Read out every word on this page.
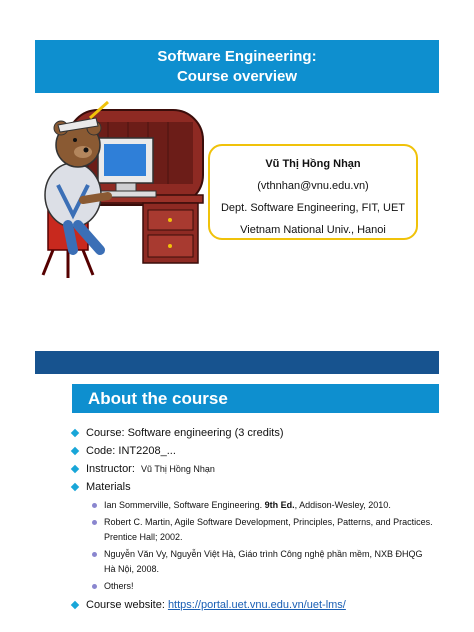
Software Engineering:
Course overview
Vũ Thị Hồng Nhạn
(vthnhan@vnu.edu.vn)
Dept. Software Engineering, FIT, UET
Vietnam National Univ., Hanoi
About the course
Course: Software engineering (3 credits)
Code: INT2208_...
Instructor: Vũ Thị Hồng Nhạn
Materials
Ian Sommerville, Software Engineering. 9th Ed., Addison-Wesley, 2010.
Robert C. Martin, Agile Software Development, Principles, Patterns, and Practices. Prentice Hall; 2002.
Nguyễn Văn Vy, Nguyễn Việt Hà, Giáo trình Công nghệ phần mềm, NXB ĐHQG Hà Nội, 2008.
Others!
Course website: https://portal.uet.vnu.edu.vn/uet-lms/
